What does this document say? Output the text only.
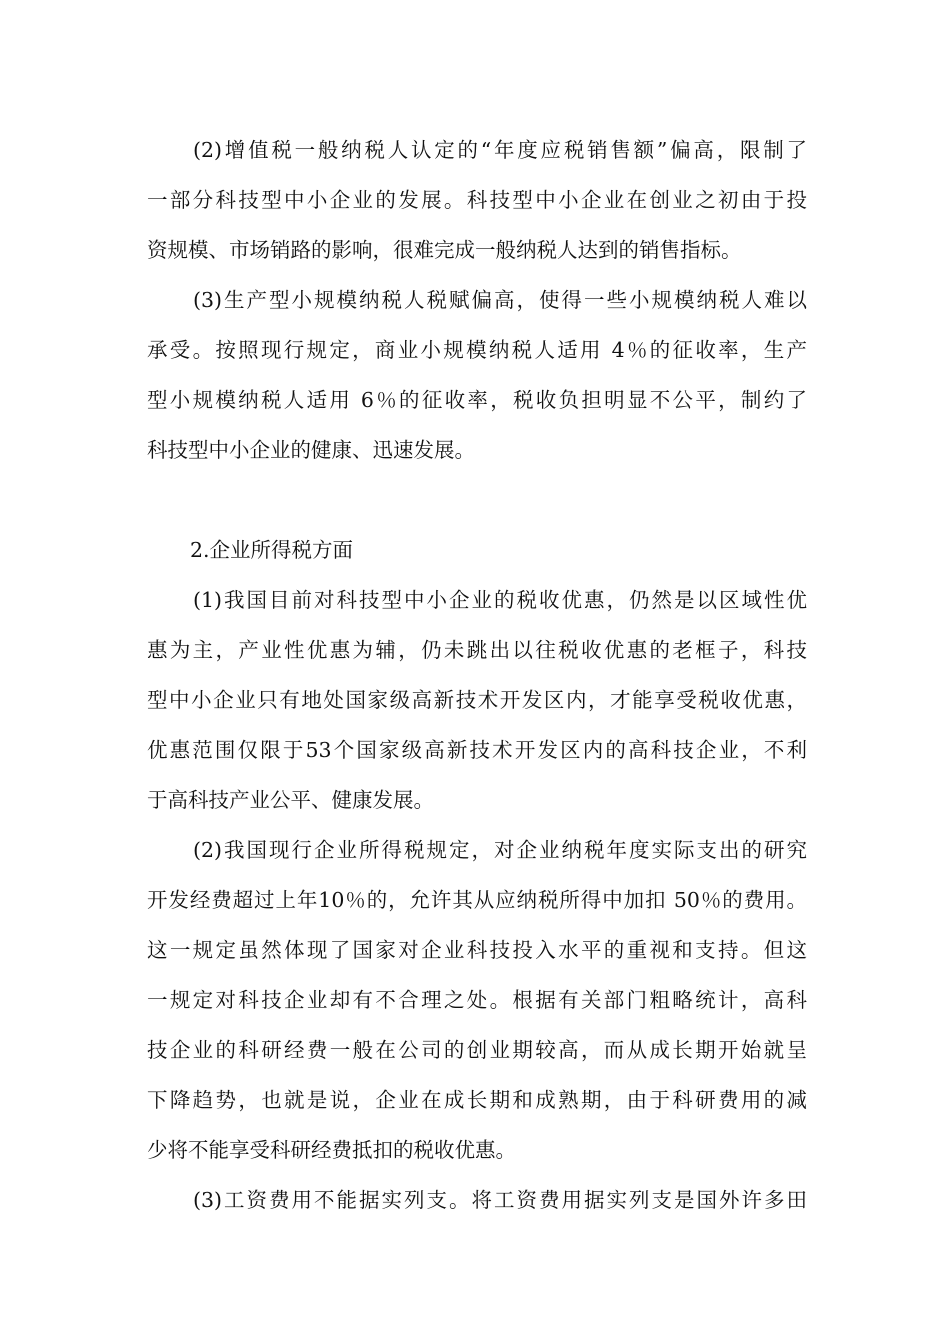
(2)增值税一般纳税人认定的“年度应税销售额”偏高，限制了
一部分科技型中小企业的发展。科技型中小企业在创业之初由于投
资规模、市场销路的影响，很难完成一般纳税人达到的销售指标。
(3)生产型小规模纳税人税赋偏高，使得一些小规模纳税人难以
承受。按照现行规定，商业小规模纳税人适用 4％的征收率，生产
型小规模纳税人适用 6％的征收率，税收负担明显不公平，制约了
科技型中小企业的健康、迅速发展。
2.企业所得税方面
(1)我国目前对科技型中小企业的税收优惠，仍然是以区域性优
惠为主，产业性优惠为辅，仍未跳出以往税收优惠的老框子，科技
型中小企业只有地处国家级高新技术开发区内，才能享受税收优惠，
优惠范围仅限于53个国家级高新技术开发区内的高科技企业，不利
于高科技产业公平、健康发展。
(2)我国现行企业所得税规定，对企业纳税年度实际支出的研究
开发经费超过上年10％的，允许其从应纳税所得中加扣 50％的费用。
这一规定虽然体现了国家对企业科技投入水平的重视和支持。但这
一规定对科技企业却有不合理之处。根据有关部门粗略统计，高科
技企业的科研经费一般在公司的创业期较高，而从成长期开始就呈
下降趋势，也就是说，企业在成长期和成熟期，由于科研费用的减
少将不能享受科研经费抵扣的税收优惠。
(3)工资费用不能据实列支。将工资费用据实列支是国外许多田
